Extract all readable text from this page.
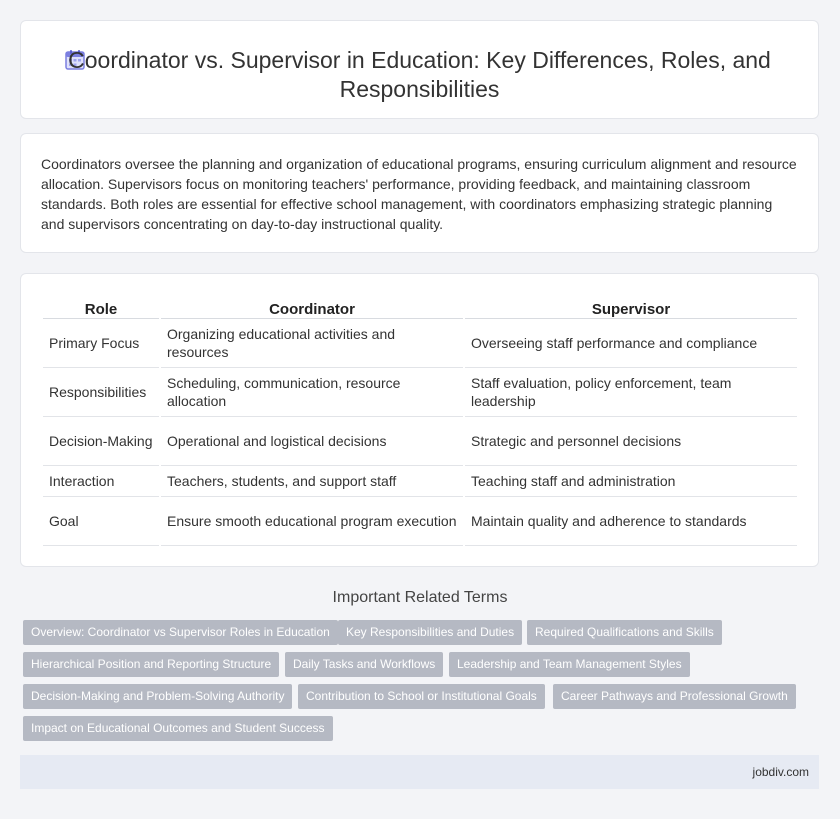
Coordinator vs. Supervisor in Education: Key Differences, Roles, and Responsibilities

Coordinators oversee the planning and organization of educational programs, ensuring curriculum alignment and resource allocation. Supervisors focus on monitoring teachers' performance, providing feedback, and maintaining classroom standards. Both roles are essential for effective school management, with coordinators emphasizing strategic planning and supervisors concentrating on day-to-day instructional quality.

Role	Coordinator	Supervisor
Primary Focus	Organizing educational activities and resources	Overseeing staff performance and compliance
Responsibilities	Scheduling, communication, resource allocation	Staff evaluation, policy enforcement, team leadership
Decision-Making	Operational and logistical decisions	Strategic and personnel decisions
Interaction	Teachers, students, and support staff	Teaching staff and administration
Goal	Ensure smooth educational program execution	Maintain quality and adherence to standards
Important Related Terms
Overview: Coordinator vs Supervisor Roles in Education	Key Responsibilities and Duties	Required Qualifications and Skills
Hierarchical Position and Reporting Structure	Daily Tasks and Workflows	Leadership and Team Management Styles
Decision-Making and Problem-Solving Authority	Contribution to School or Institutional Goals	Career Pathways and Professional Growth
Impact on Educational Outcomes and Student Success
jobdiv.com
